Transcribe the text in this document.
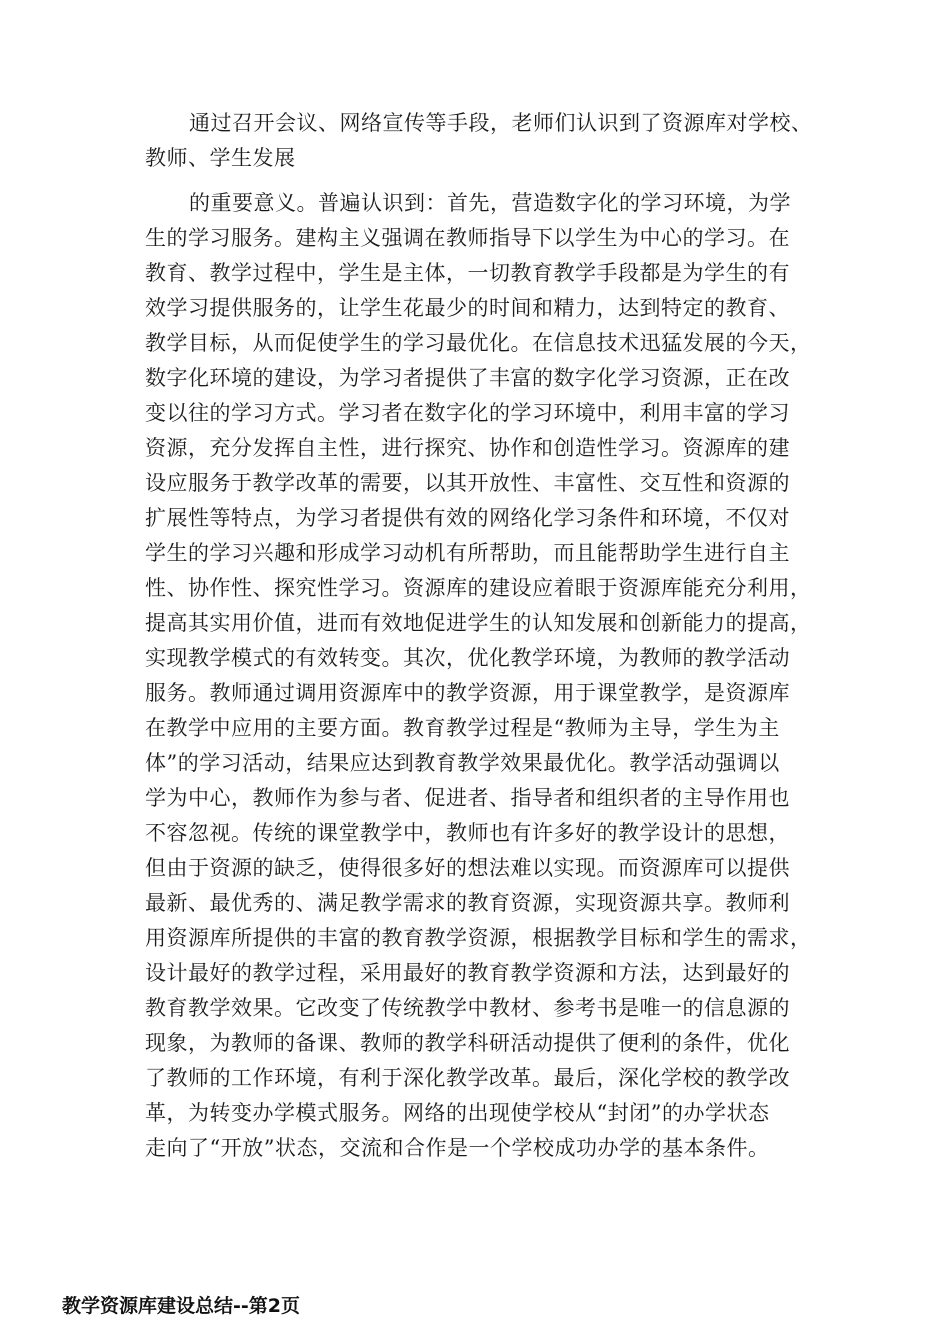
通过召开会议、网络宣传等手段，老师们认识到了资源库对学校、
教师、学生发展
的重要意义。普遍认识到：首先，营造数字化的学习环境，为学
生的学习服务。建构主义强调在教师指导下以学生为中心的学习。在
教育、教学过程中，学生是主体，一切教育教学手段都是为学生的有
效学习提供服务的，让学生花最少的时间和精力，达到特定的教育、
教学目标，从而促使学生的学习最优化。在信息技术迅猛发展的今天，
数字化环境的建设，为学习者提供了丰富的数字化学习资源，正在改
变以往的学习方式。学习者在数字化的学习环境中，利用丰富的学习
资源，充分发挥自主性，进行探究、协作和创造性学习。资源库的建
设应服务于教学改革的需要，以其开放性、丰富性、交互性和资源的
扩展性等特点，为学习者提供有效的网络化学习条件和环境，不仅对
学生的学习兴趣和形成学习动机有所帮助，而且能帮助学生进行自主
性、协作性、探究性学习。资源库的建设应着眼于资源库能充分利用，
提高其实用价值，进而有效地促进学生的认知发展和创新能力的提高，
实现教学模式的有效转变。其次，优化教学环境，为教师的教学活动
服务。教师通过调用资源库中的教学资源，用于课堂教学，是资源库
在教学中应用的主要方面。教育教学过程是“教师为主导，学生为主
体”的学习活动，结果应达到教育教学效果最优化。教学活动强调以
学为中心，教师作为参与者、促进者、指导者和组织者的主导作用也
不容忽视。传统的课堂教学中，教师也有许多好的教学设计的思想，
但由于资源的缺乏，使得很多好的想法难以实现。而资源库可以提供
最新、最优秀的、满足教学需求的教育资源，实现资源共享。教师利
用资源库所提供的丰富的教育教学资源，根据教学目标和学生的需求，
设计最好的教学过程，采用最好的教育教学资源和方法，达到最好的
教育教学效果。它改变了传统教学中教材、参考书是唯一的信息源的
现象，为教师的备课、教师的教学科研活动提供了便利的条件，优化
了教师的工作环境，有利于深化教学改革。最后，深化学校的教学改
革，为转变办学模式服务。网络的出现使学校从“封闭”的办学状态
走向了“开放”状态，交流和合作是一个学校成功办学的基本条件。
教学资源库建设总结--第2页
